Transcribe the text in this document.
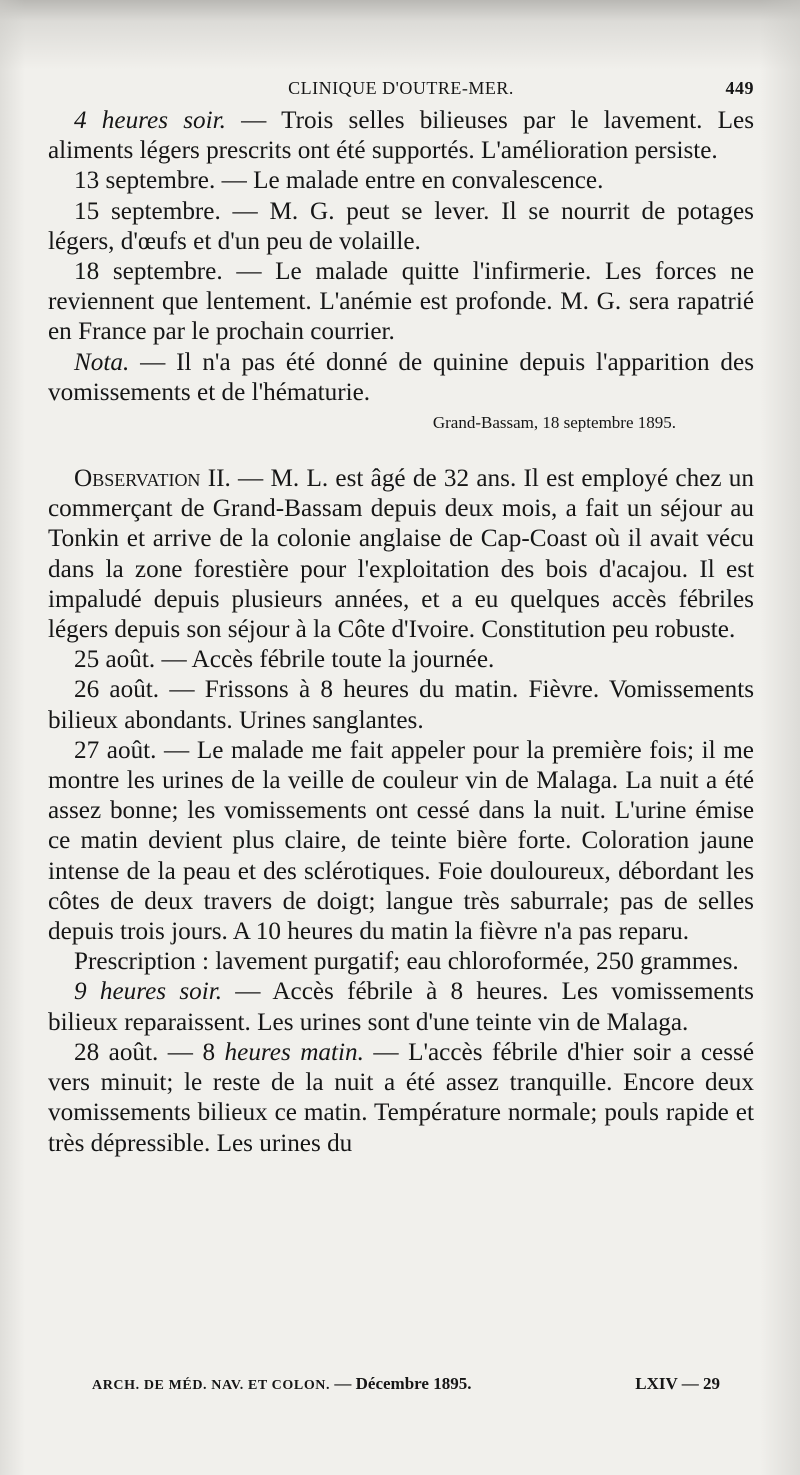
CLINIQUE D'OUTRE-MER.	449

4 heures soir. — Trois selles bilieuses par le lavement. Les aliments légers prescrits ont été supportés. L'amélioration persiste.

13 septembre. — Le malade entre en convalescence.

15 septembre. — M. G. peut se lever. Il se nourrit de potages légers, d'œufs et d'un peu de volaille.

18 septembre. — Le malade quitte l'infirmerie. Les forces ne reviennent que lentement. L'anémie est profonde. M. G. sera rapatrié en France par le prochain courrier.

Nota. — Il n'a pas été donné de quinine depuis l'apparition des vomissements et de l'hématurie.

Grand-Bassam, 18 septembre 1895.

Observation II. — M. L. est âgé de 32 ans. Il est employé chez un commerçant de Grand-Bassam depuis deux mois, a fait un séjour au Tonkin et arrive de la colonie anglaise de Cap-Coast où il avait vécu dans la zone forestière pour l'exploitation des bois d'acajou. Il est impaludé depuis plusieurs années, et a eu quelques accès fébriles légers depuis son séjour à la Côte d'Ivoire. Constitution peu robuste.

25 août. — Accès fébrile toute la journée.

26 août. — Frissons à 8 heures du matin. Fièvre. Vomissements bilieux abondants. Urines sanglantes.

27 août. — Le malade me fait appeler pour la première fois; il me montre les urines de la veille de couleur vin de Malaga. La nuit a été assez bonne; les vomissements ont cessé dans la nuit. L'urine émise ce matin devient plus claire, de teinte bière forte. Coloration jaune intense de la peau et des sclérotiques. Foie douloureux, débordant les côtes de deux travers de doigt; langue très saburrale; pas de selles depuis trois jours. A 10 heures du matin la fièvre n'a pas reparu.

Prescription : lavement purgatif; eau chloroformée, 250 grammes.

9 heures soir. — Accès fébrile à 8 heures. Les vomissements bilieux reparaissent. Les urines sont d'une teinte vin de Malaga.

28 août. — 8 heures matin. — L'accès fébrile d'hier soir a cessé vers minuit; le reste de la nuit a été assez tranquille. Encore deux vomissements bilieux ce matin. Température normale; pouls rapide et très dépressible. Les urines du

ARCH. DE MÉD. NAV. ET COLON. — Décembre 1895.	LXIV — 29
